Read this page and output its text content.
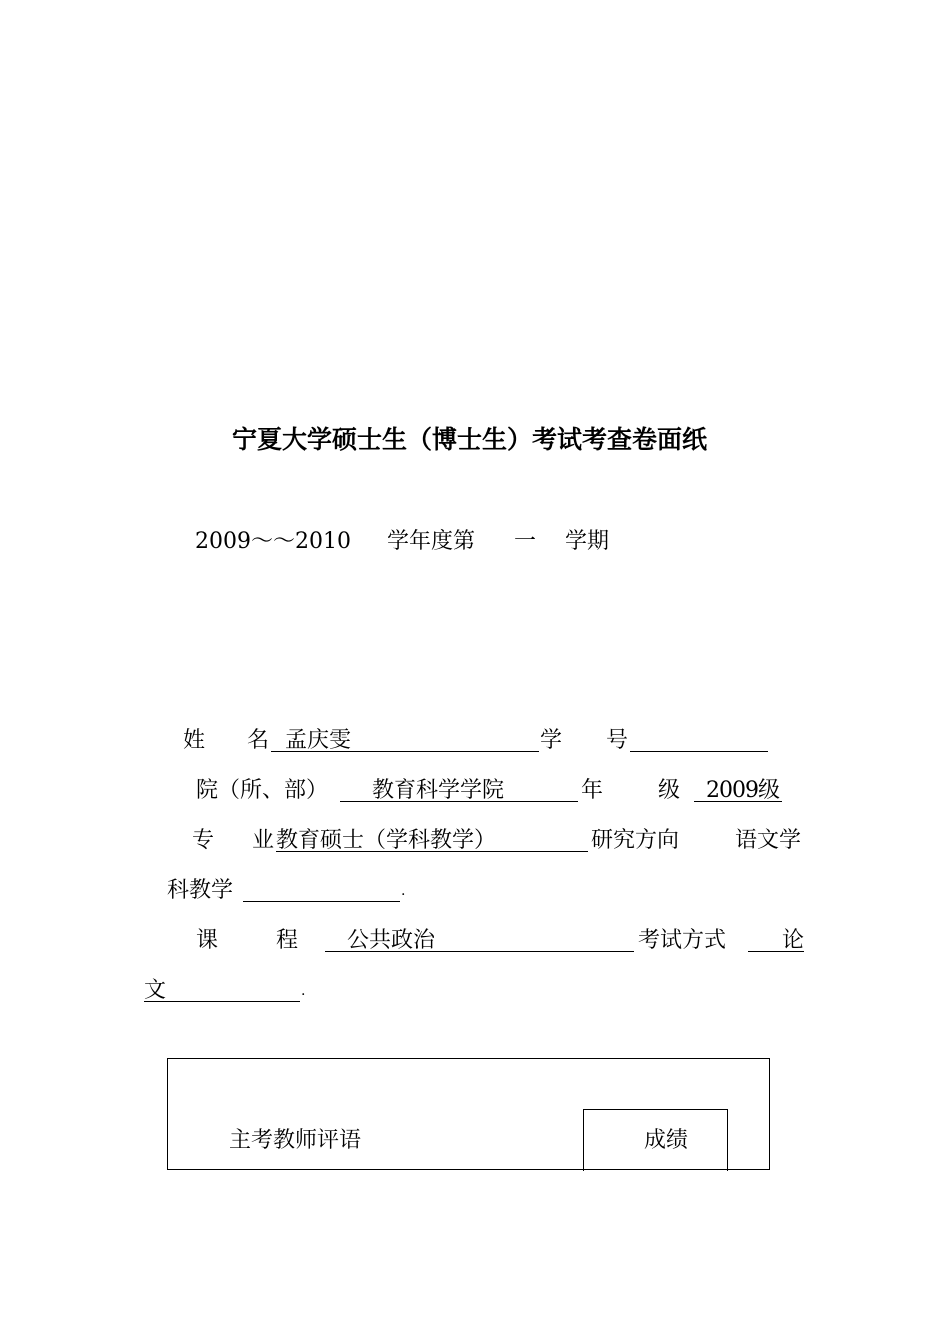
宁夏大学硕士生（博士生）考试考查卷面纸
2009～～2010 学年度第 一 学期
姓 名 孟庆雯	学 号
院（所、部） 教育科学学院	年 级 2009级
专 业 教育硕士（学科教学）	研究方向	语文学
科教学	.
课	程 公共政治	考试方式	论
文	.
主考教师评语	成绩
